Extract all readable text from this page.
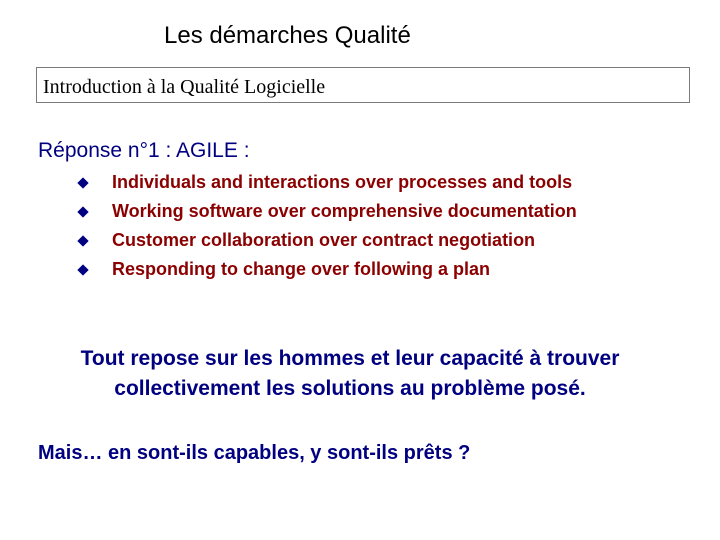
Les démarches Qualité
Introduction à la Qualité Logicielle
Réponse n°1 : AGILE :
Individuals and interactions over processes and tools
Working software over comprehensive documentation
Customer collaboration over contract negotiation
Responding to change over following a plan
Tout repose sur les hommes et leur capacité à trouver
collectivement les solutions au problème posé.
Mais… en sont-ils capables, y sont-ils prêts ?
